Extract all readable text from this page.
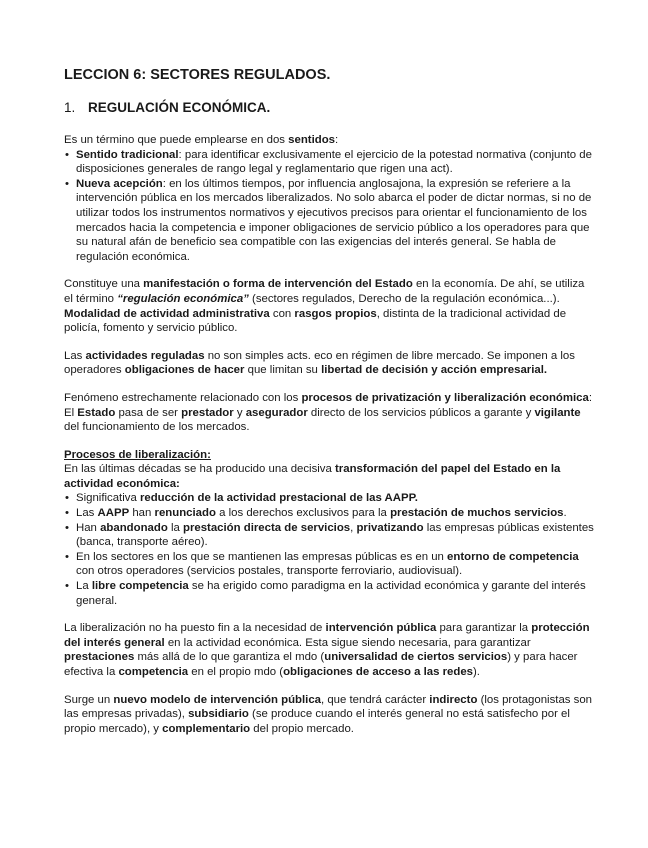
LECCION 6: SECTORES REGULADOS.
1. REGULACIÓN ECONÓMICA.

Es un término que puede emplearse en dos sentidos:

• Sentido tradicional: para identificar exclusivamente el ejercicio de la potestad normativa (conjunto de disposiciones generales de rango legal y reglamentario que rigen una act).
• Nueva acepción: en los últimos tiempos, por influencia anglosajona, la expresión se referiere a la intervención pública en los mercados liberalizados. No solo abarca el poder de dictar normas, si no de utilizar todos los instrumentos normativos y ejecutivos precisos para orientar el funcionamiento de los mercados hacia la competencia e imponer obligaciones de servicio público a los operadores para que su natural afán de beneficio sea compatible con las exigencias del interés general. Se habla de regulación económica.

Constituye una manifestación o forma de intervención del Estado en la economía. De ahí, se utiliza el término “regulación económica” (sectores regulados, Derecho de la regulación económica...). Modalidad de actividad administrativa con rasgos propios, distinta de la tradicional actividad de policía, fomento y servicio público.

Las actividades reguladas no son simples acts. eco en régimen de libre mercado. Se imponen a los operadores obligaciones de hacer que limitan su libertad de decisión y acción empresarial.

Fenómeno estrechamente relacionado con los procesos de privatización y liberalización económica: El Estado pasa de ser prestador y asegurador directo de los servicios públicos a garante y vigilante del funcionamiento de los mercados.

Procesos de liberalización:
En las últimas décadas se ha producido una decisiva transformación del papel del Estado en la actividad económica:

• Significativa reducción de la actividad prestacional de las AAPP.
• Las AAPP han renunciado a los derechos exclusivos para la prestación de muchos servicios.
• Han abandonado la prestación directa de servicios, privatizando las empresas públicas existentes (banca, transporte aéreo).
• En los sectores en los que se mantienen las empresas públicas es en un entorno de competencia con otros operadores (servicios postales, transporte ferroviario, audiovisual).
• La libre competencia se ha erigido como paradigma en la actividad económica y garante del interés general.

La liberalización no ha puesto fin a la necesidad de intervención pública para garantizar la protección del interés general en la actividad económica. Esta sigue siendo necesaria, para garantizar prestaciones más allá de lo que garantiza el mdo (universalidad de ciertos servicios) y para hacer efectiva la competencia en el propio mdo (obligaciones de acceso a las redes).

Surge un nuevo modelo de intervención pública, que tendrá carácter indirecto (los protagonistas son las empresas privadas), subsidiario (se produce cuando el interés general no está satisfecho por el propio mercado), y complementario del propio mercado.
